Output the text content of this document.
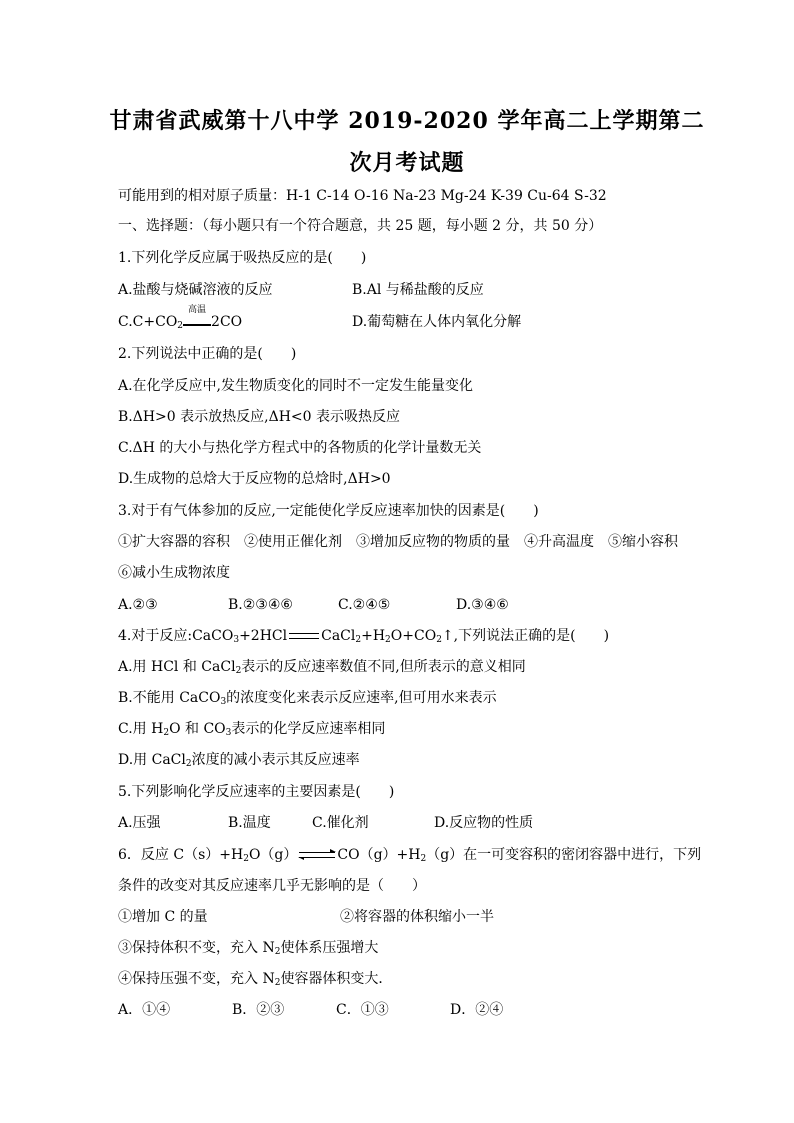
甘肃省武威第十八中学 2019-2020 学年高二上学期第二
次月考试题
可能用到的相对原子质量：H-1 C-14 O-16 Na-23 Mg-24 K-39 Cu-64 S-32
一、选择题：（每小题只有一个符合题意，共 25 题，每小题 2 分，共 50 分）
1.下列化学反应属于吸热反应的是(　　)
A.盐酸与烧碱溶液的反应	B.Al 与稀盐酸的反应
$C.C+CO_2$
高温
2CO	D.葡萄糖在人体内氧化分解
2.下列说法中正确的是(　　)
A.在化学反应中,发生物质变化的同时不一定发生能量变化
B.ΔH>0 表示放热反应,ΔH<0 表示吸热反应
C.ΔH 的大小与热化学方程式中的各物质的化学计量数无关
D.生成物的总焓大于反应物的总焓时,ΔH>0
3.对于有气体参加的反应,一定能使化学反应速率加快的因素是(　　)
①扩大容器的容积　②使用正催化剂　③增加反应物的物质的量　④升高温度　⑤缩小容积
⑥减小生成物浓度
A.②③	B.②③④⑥	C.②④⑤	D.③④⑥
4.对于反应:CaCO$_3$+2HCl $CaCl_2+H_2O+CO_2↑$,下列说法正确的是(　　)
A.用 HCl 和 CaCl$_2$表示的反应速率数值不同,但所表示的意义相同
B.不能用 CaCO$_3$的浓度变化来表示反应速率,但可用水来表示
C.用 $H_2O$ 和 $CO_3$表示的化学反应速率相同
D.用 CaCl$_2$浓度的减小表示其反应速率
5.下列影响化学反应速率的主要因素是(　　)
A.压强	B.温度	C.催化剂	D.反应物的性质
6．反应 $C(s)+H_2O(g)$ ⇌ $CO(g)+H_2(g)$在一可变容积的密闭容器中进行，下列
条件的改变对其反应速率几乎无影响的是（　　）
①增加 C 的量	②将容器的体积缩小一半
③保持体积不变，充入 $N_2$使体系压强增大
④保持压强不变，充入 $N_2$使容器体积变大．
A．①④	B．②③	C．①③	D．②④
